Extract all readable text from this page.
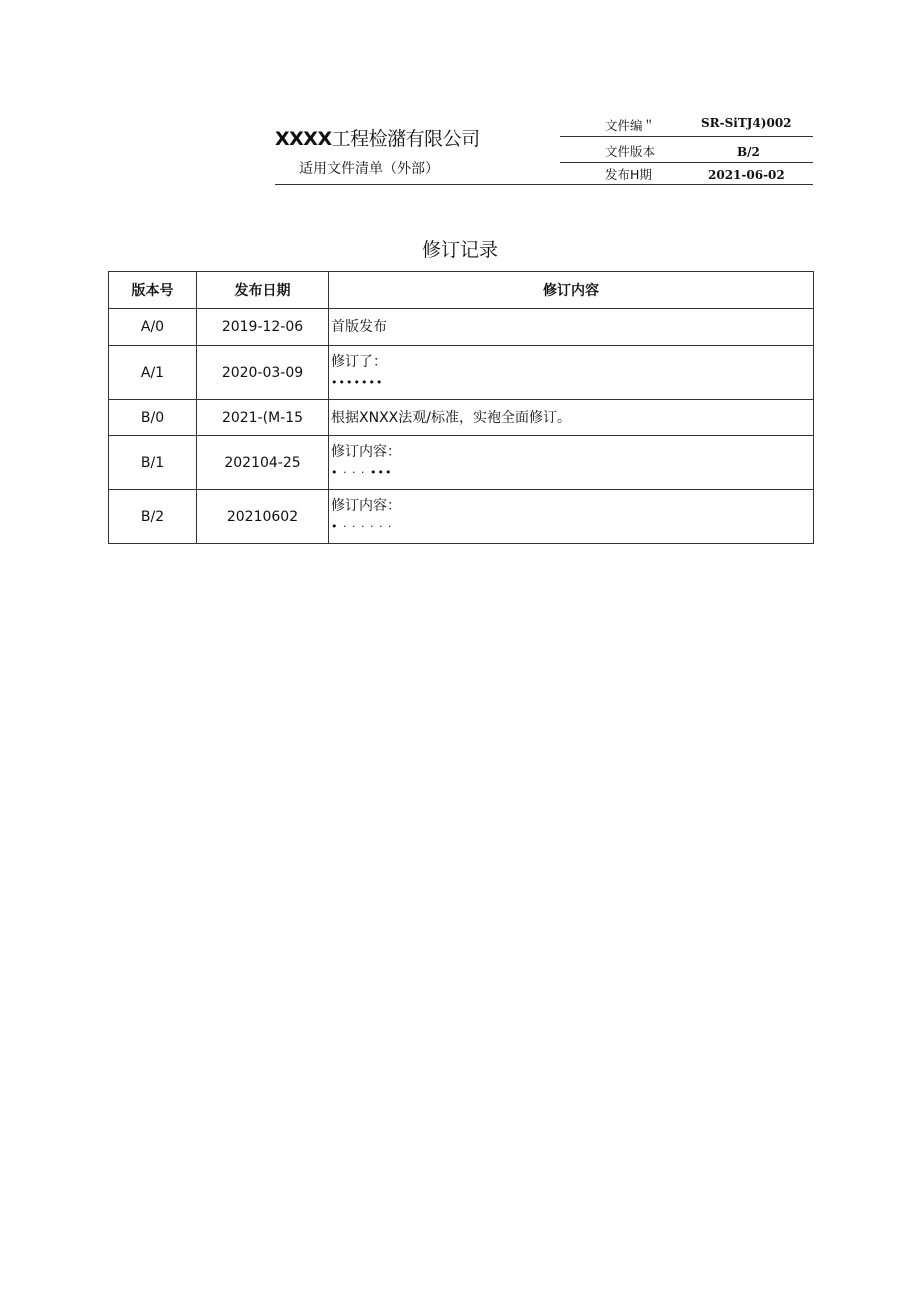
XXXX工程检潴有限公司
适用文件清单（外部）
文件编＂	SR-SiTJ4)002
文件版本	B/2
发布H期	2021-06-02
修订记录
版本号	发布日期	修订内容
A/0	2019-12-06	首版发布

A/1	2020-03-09	修订了：
•••••••

B/0	2021-(M-15	根据XNXX法观/标准，实袍全面修订。

B/1	202104-25	修订内容：
• · · · •••

B/2	20210602	修订内容：
• · · · · · ·
